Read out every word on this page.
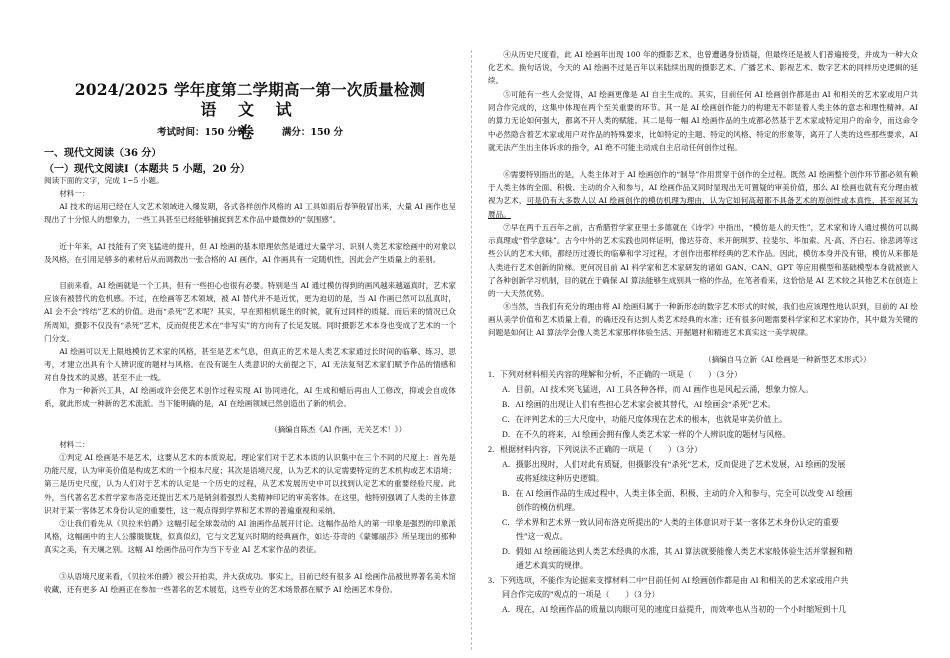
2024/2025 学年度第二学期高一第一次质量检测
语 文 试 卷
考试时间：150 分钟	满分：150 分
一、现代文阅读（36 分）
（一）现代文阅读Ⅰ（本题共 5 小题，20 分）
阅读下面的文字，完成 1~5 小题。
材料一：
AI 技术的运用已经在人文艺术领域进入爆发期，各式各样创作风格的 AI 工具如雨后春笋般冒出来，大量 AI 画作也呈现出了十分惊人的想象力，一些工具甚至已经能够捕捉到艺术作品中最微妙的“氛围感”。
近十年来，AI 技能有了突飞猛进的提升，但 AI 绘画的基本原理依然是通过大量学习、识别人类艺术家绘画中的对象以及风格，在引用足够多的素材后从而调教出一张合格的 AI 画作，AI 作画具有一定随机性，因此会产生质量上的差别。
目前来看，AI 绘画就是一个工具，但有一些担心也很有必要。特别是当 AI 通过模仿得到的画风越来越逼真时，艺术家应该有被替代的危机感。不过，在绘画等艺术领域，被 AI 替代并不是近忧，更为迫切的是，当 AI 作画已然可以乱真时，AI 会不会“终结”艺术的价值。进而“杀死”艺术呢？其实，早在照相机诞生的时候，就有过同样的质疑。而后来的情况已众所周知，摄影不仅没有“杀死”艺术，反而促使艺术在“非写实”的方向有了长足发展。同时摄影艺术本身也变成了艺术的一个门分支。
AI 绘画可以无上限地模仿艺术家的风格，甚至是艺术气息，但真正的艺术是人类艺术家通过长时间的临摹、练习、思考，才建立出具有个人辨识度的题材与风格。在没有诞生人类意识的大前提之下，AI 无法复刻艺术家们赋予作品的情感和对自身技术的灵感，甚至不止一线。
作为一种新兴工具，AI 绘画或许会使艺术创作过程实现 AI 协同进化，AI 生成和蜡后再由人工修改，抑或会自成体系，就此形成一种新的艺术流派。当下能明确的是，AI 在绘画领域已然创造出了新的机会。
（摘编自陈杰《AI 作画，无关艺术！》）
材料二：
①判定 AI 绘画是不是艺术，这要从艺术的本质说起。理论家们对于艺术本质的认识集中在三个不同的尺度上：首先是功能尺度，认为审美价值是构成艺术的一个根本尺度；其次是语境尺度，认为艺术的认定需要特定的艺术机构或艺术语境；第三是历史尺度，认为人们对于艺术的认定是一个历史的过程，从艺术发展历史中可以找到认定艺术的重要经验尺度。此外，当代著名艺术哲学家布洛克还提出艺术乃是销剑着强烈人类精神印记的审美客体。在这里，他特别强调了人类的主体意识对于某一客体艺术身份认定的重要性，这一观点得到学界和艺术界的普遍重视和采纳。
②让我们看先从《贝拉米伯爵》这幅引起全球轰动的 AI 油画作品展开讨论。这幅作品给人的第一印象是强烈的印象派风格，这幅画中的主人公朦胧胧胧，似真似幻，它与文艺复兴时期的经典画作，如达·芬奇的《蒙娜丽莎》所呈现出的那种真实之美，有天壤之别。这幅 AI 绘画作品可作为当下专业 AI 艺术家作品的表征。
③从语境尺度来看，《贝拉米伯爵》被公开拍卖，并大获成功。事实上，目前已经有很多 AI 绘画作品被世界著名美术馆收藏，还有更多 AI 绘画正在参加一些著名的艺术展览，这些专业的艺术场景都在赋予 AI 绘画艺术身份。
④从历史尺度看，此 AI 绘画年出现 100 年的摄影艺术，也曾遭遇身份质疑，但最终还是被人们普遍接受，并成为一种大众化艺术。换句话说，今天的 AI 绘画不过是百年以来陆续出现的摄影艺术、广播艺术、影视艺术、数字艺术的同样历史逻辑的延续。
⑤可能有一些人会觉得，AI 绘画更像是 AI 自主生成的。其实，目前任何 AI 绘画创作都是由 AI 和相关的艺术家或用户共同合作完成的，这集中体现在两个至关重要的环节。其一是 AI 绘画创作能力的构建无不彰显着人类主体的意志和理性精神。AI 的算力无论如何强大，都离不开人类的赋能。其二是每一幅 AI 绘画作品的生成都必然基于艺术家或特定用户的命令，而这命令中必然隐含着艺术家或用户对作品的特殊要求，比如特定的主题、特定的风格、特定的形象等，离开了人类的这些那些要求，AI 就无法产生出主体诉求的指令，AI 绝不可能主动成自主启动任何创作过程。
⑥需要特别指出的是，人类主体对于 AI 绘画创作的“制导”作用贯穿于创作的全过程。既然 AI 绘画整个创作环节都必须有赖于人类主体的全面、积极、主动的介入和参与，AI 绘画作品又同时显现出无可置疑的审美价值，那么 AI 绘画也就有充分理由被视为艺术，可是仍有大多数人以 AI 绘画创作的模仿机理为理由，认为它如何高超都不具备艺术的原创性或本真性，甚至视其为赝品。
⑦早在两千五百年之前，古希腊哲学家亚里士多德就在《诗学》中指出，“模仿是人的天性”，艺术家和诗人通过模仿可以揭示真理或“哲学意味”。古今中外的艺术实践也同样证明，像达芬奇、米开朗琪罗、拉斐尔、毕加索、凡·高、齐白石、徐悲鸿等这些公认的艺术大师，都经历过漫长的临摹和学习过程，才创作出那样经典的艺术作品。因此，模仿本身并没有错，模仿从来都是人类进行艺术创新的阶梯。更何况目前 AI 科学家和艺术家研发的诸如 GAN、CAN、GPT 等应用模型和基础模型本身就被嵌入了各种创新学习机制，目的就在于确保 AI 算法能够生成别具一格的作品，在笔者看来，这恰恰是 AI 艺术较之其他艺术在创造上的一大天然优势。
⑧当然，当我们有充分的理由将 AI 绘画归属于一种新形态的数字艺术形式的时候，我们也应该理性地认识到，目前的 AI 绘画从美学价值和艺术质量上看，的确还没有达到人类艺术经典的水准；还有很多问题需要科学家和艺术家协作，其中最为关键的问题是如何让 AI 算法学会像人类艺术家那样体验生活、开掘题材和精进艺术真实这一美学规律。
（摘编自马立新《AI 绘画是一种新型艺术形式》）
1．下列对材料相关内容的理解和分析，不正确的一项是（　　）（3 分）
A．目前，AI 技术突飞猛进，AI 工具各种各样，而 AI 画作也是风起云涌，想象力惊人。
B．AI 绘画的出现让人们有些担心艺术家会被其替代，AI 绘画会“杀死”艺术。
C．在评判艺术的三大尺度中，功能尺度体现在艺术的根本，也就是审美价值上。
D．在不久的将来，AI 绘画会拥有像人类艺术家一样的个人辨识度的题材与风格。
2．根据材料内容，下列说法不正确的一项是（　　）（3 分）
A．摄影出现时，人们对此有质疑，但摄影没有“杀死”艺术，反而促进了艺术发展，AI 绘画的发展
或将延续这种历史逻辑。
B．在 AI 绘画作品的生成过程中，人类主体全面、积极、主动的介入和参与，完全可以改变 AI 绘画
创作的模仿机理。
C．学术界和艺术界一致认同布洛克所提出的“人类的主体意识对于某一客体艺术身份认定的重要
性”这一观点。
D．假如 AI 绘画能达到人类艺术经典的水准，其 AI 算法就要能像人类艺术家般体验生活并掌握和精
通艺术真实的规律。
3．下列选项，不能作为论据来支撑材料二中“目前任何 AI 绘画创作都是由 AI 和相关的艺术家或用户共
同合作完成的”观点的一项是（　　）（3 分）
A．现在，AI 绘画作品的质量以肉眼可见的速度日益提升，而效率也从当初的一个小时缩短到十几
